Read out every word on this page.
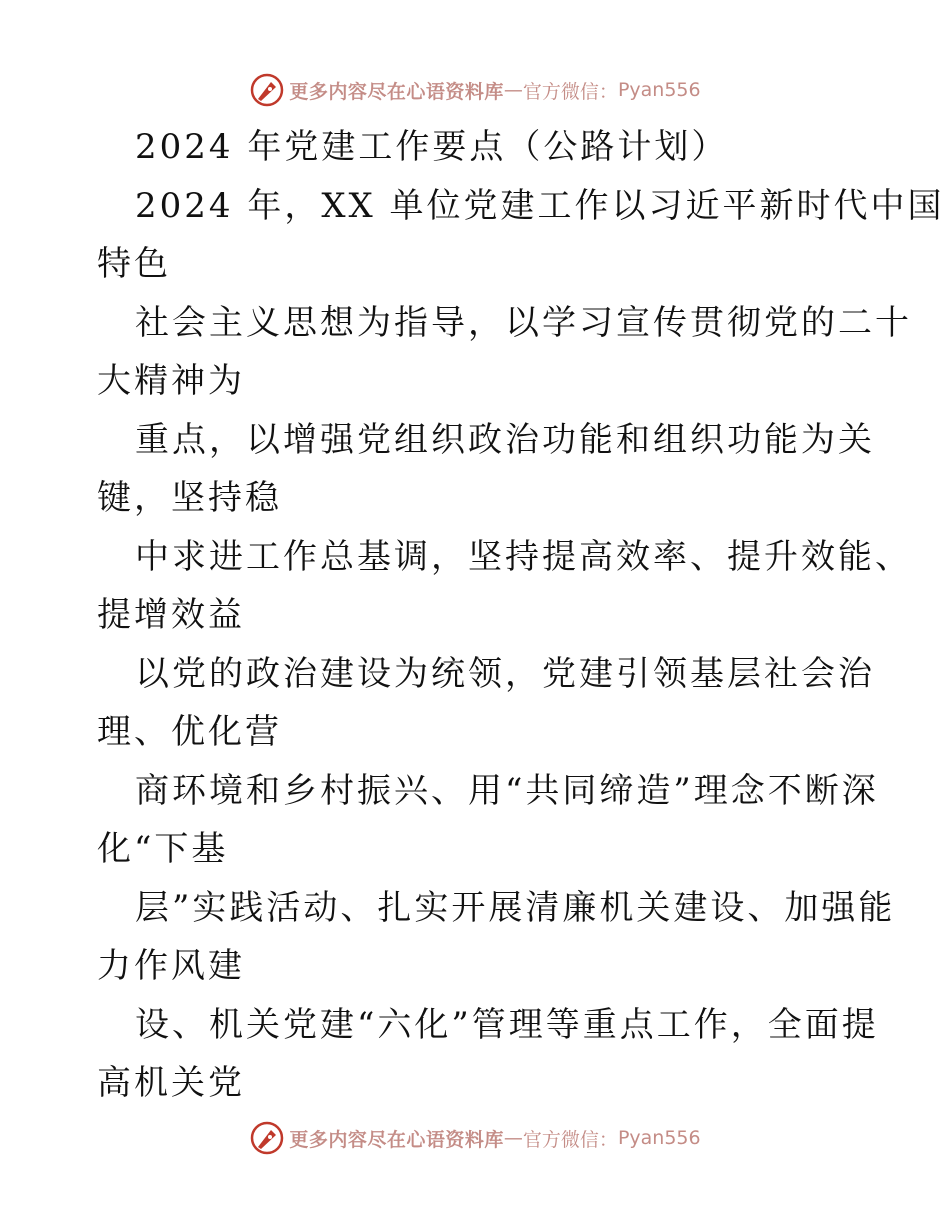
更多内容尽在心语资料库 — 官方微信： Pyan556
2024 年党建工作要点（公路计划）
2024 年，XX 单位党建工作以习近平新时代中国
特色
社会主义思想为指导，以学习宣传贯彻党的二十
大精神为
重点，以增强党组织政治功能和组织功能为关
键，坚持稳
中求进工作总基调，坚持提高效率、提升效能、
提增效益
以党的政治建设为统领，党建引领基层社会治
理、优化营
商环境和乡村振兴、用“共同缔造”理念不断深
化“下基
层”实践活动、扎实开展清廉机关建设、加强能
力作风建
设、机关党建“六化”管理等重点工作，全面提
高机关党
更多内容尽在心语资料库 — 官方微信： Pyan556
